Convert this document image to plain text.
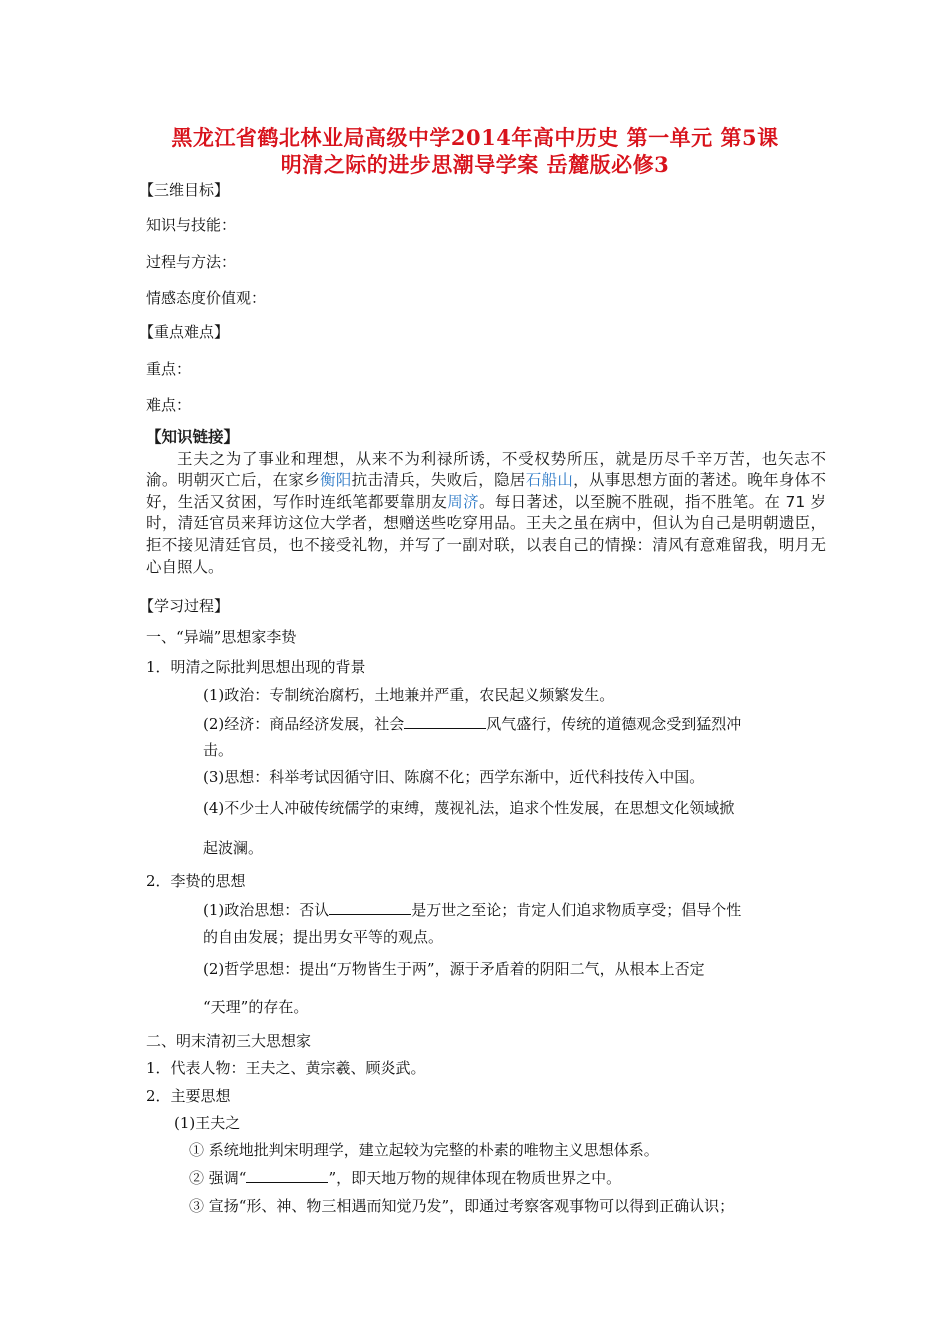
黑龙江省鹤北林业局高级中学2014年高中历史 第一单元 第5课
明清之际的进步思潮导学案 岳麓版必修3
【三维目标】
知识与技能：
过程与方法：
情感态度价值观：
【重点难点】
重点：
难点：
【知识链接】

王夫之为了事业和理想，从来不为利禄所诱，不受权势所压，就是历尽千辛万苦，也矢志不渝。明朝灭亡后，在家乡衡阳抗击清兵，失败后，隐居石船山，从事思想方面的著述。晚年身体不好，生活又贫困，写作时连纸笔都要靠朋友周济。每日著述，以至腕不胜砚，指不胜笔。在 71 岁时，清廷官员来拜访这位大学者，想赠送些吃穿用品。王夫之虽在病中，但认为自己是明朝遗臣，拒不接见清廷官员，也不接受礼物，并写了一副对联，以表自己的情操：清风有意难留我，明月无心自照人。

【学习过程】
一、“异端”思想家李贽
1．明清之际批判思想出现的背景
(1)政治：专制统治腐朽，土地兼并严重，农民起义频繁发生。
(2)经济：商品经济发展，社会	风气盛行，传统的道德观念受到猛烈冲
击。
(3)思想：科举考试因循守旧、陈腐不化；西学东渐中，近代科技传入中国。
(4)不少士人冲破传统儒学的束缚，蔑视礼法，追求个性发展，在思想文化领域掀
起波澜。
2．李贽的思想
(1)政治思想：否认	是万世之至论；肯定人们追求物质享受；倡导个性
的自由发展；提出男女平等的观点。
(2)哲学思想：提出“万物皆生于两”，源于矛盾着的阴阳二气，从根本上否定
“天理”的存在。
二、明末清初三大思想家
1．代表人物：王夫之、黄宗羲、顾炎武。
2．主要思想
(1)王夫之
① 系统地批判宋明理学，建立起较为完整的朴素的唯物主义思想体系。
② 强调“	”，即天地万物的规律体现在物质世界之中。
③ 宣扬“形、神、物三相遇而知觉乃发”，即通过考察客观事物可以得到正确认识；
